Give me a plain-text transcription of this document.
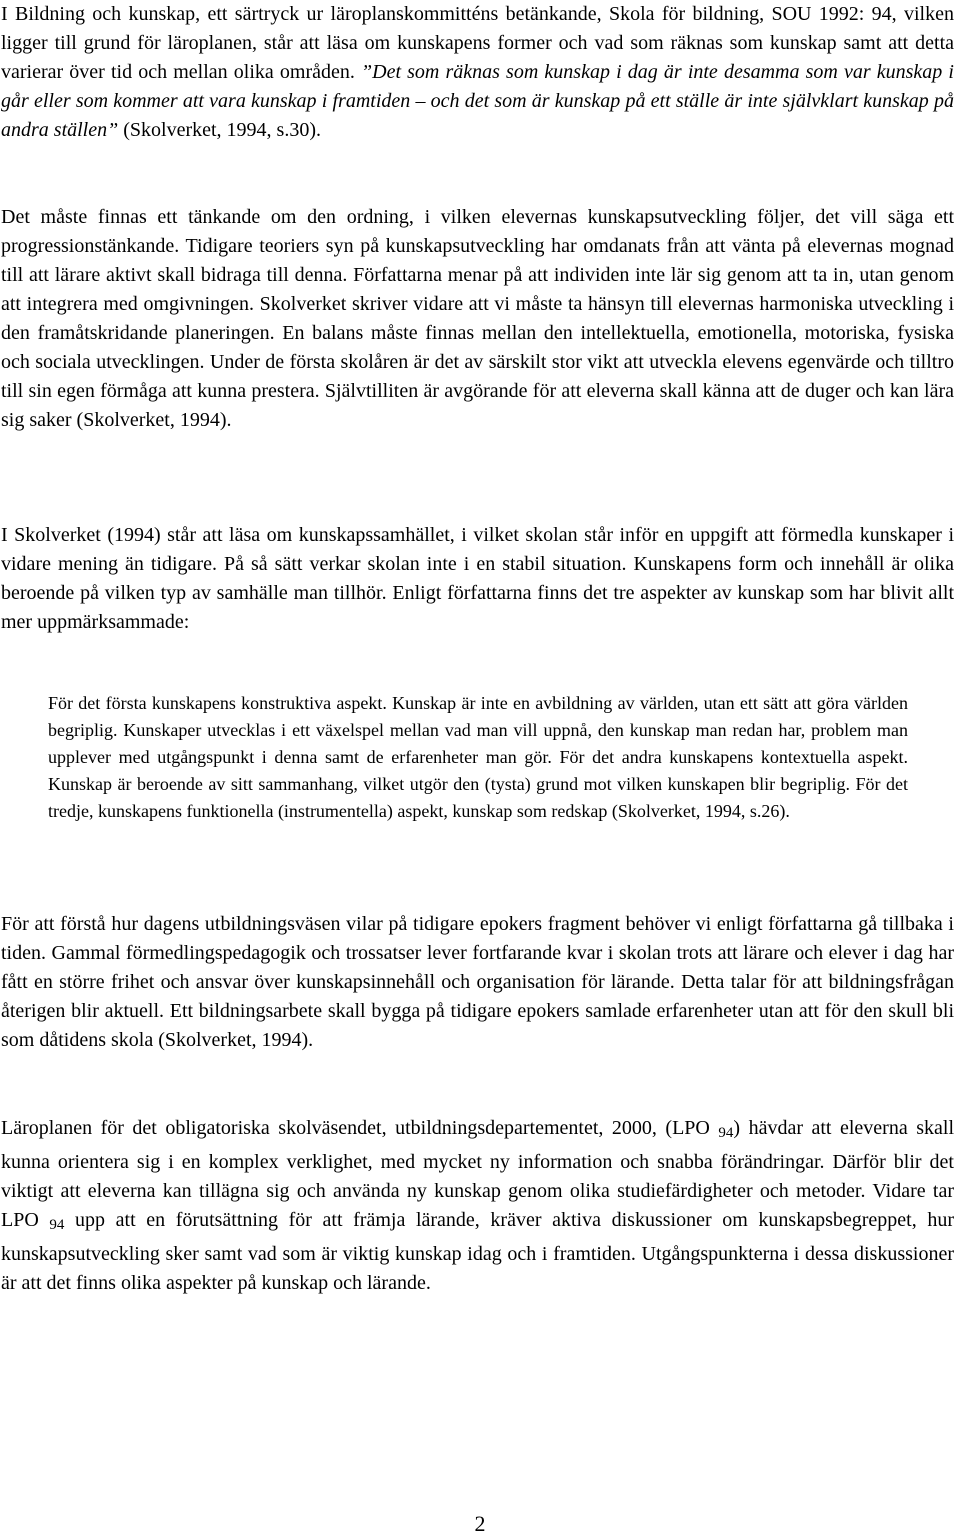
I Bildning och kunskap, ett särtryck ur läroplanskommitténs betänkande, Skola för bildning, SOU 1992: 94, vilken ligger till grund för läroplanen, står att läsa om kunskapens former och vad som räknas som kunskap samt att detta varierar över tid och mellan olika områden. ”Det som räknas som kunskap i dag är inte desamma som var kunskap i går eller som kommer att vara kunskap i framtiden – och det som är kunskap på ett ställe är inte självklart kunskap på andra ställen” (Skolverket, 1994, s.30).

Det måste finnas ett tänkande om den ordning, i vilken elevernas kunskapsutveckling följer, det vill säga ett progressionstänkande. Tidigare teoriers syn på kunskapsutveckling har omdanats från att vänta på elevernas mognad till att lärare aktivt skall bidraga till denna. Författarna menar på att individen inte lär sig genom att ta in, utan genom att integrera med omgivningen. Skolverket skriver vidare att vi måste ta hänsyn till elevernas harmoniska utveckling i den framåtskridande planeringen. En balans måste finnas mellan den intellektuella, emotionella, motoriska, fysiska och sociala utvecklingen. Under de första skolåren är det av särskilt stor vikt att utveckla elevens egenvärde och tilltro till sin egen förmåga att kunna prestera. Självtilliten är avgörande för att eleverna skall känna att de duger och kan lära sig saker (Skolverket, 1994).

I Skolverket (1994) står att läsa om kunskapssamhället, i vilket skolan står inför en uppgift att förmedla kunskaper i vidare mening än tidigare. På så sätt verkar skolan inte i en stabil situation. Kunskapens form och innehåll är olika beroende på vilken typ av samhälle man tillhör. Enligt författarna finns det tre aspekter av kunskap som har blivit allt mer uppmärksammade:

För det första kunskapens konstruktiva aspekt. Kunskap är inte en avbildning av världen, utan ett sätt att göra världen begriplig. Kunskaper utvecklas i ett växelspel mellan vad man vill uppnå, den kunskap man redan har, problem man upplever med utgångspunkt i denna samt de erfarenheter man gör. För det andra kunskapens kontextuella aspekt. Kunskap är beroende av sitt sammanhang, vilket utgör den (tysta) grund mot vilken kunskapen blir begriplig. För det tredje, kunskapens funktionella (instrumentella) aspekt, kunskap som redskap (Skolverket, 1994, s.26).

För att förstå hur dagens utbildningsväsen vilar på tidigare epokers fragment behöver vi enligt författarna gå tillbaka i tiden. Gammal förmedlingspedagogik och trossatser lever fortfarande kvar i skolan trots att lärare och elever i dag har fått en större frihet och ansvar över kunskapsinnehåll och organisation för lärande. Detta talar för att bildningsfrågan återigen blir aktuell. Ett bildningsarbete skall bygga på tidigare epokers samlade erfarenheter utan att för den skull bli som dåtidens skola (Skolverket, 1994).

Läroplanen för det obligatoriska skolväsendet, utbildningsdepartementet, 2000, (LPO $_{94}$) hävdar att eleverna skall kunna orientera sig i en komplex verklighet, med mycket ny information och snabba förändringar. Därför blir det viktigt att eleverna kan tillägna sig och använda ny kunskap genom olika studiefärdigheter och metoder. Vidare tar LPO $_{94}$ upp att en förutsättning för att främja lärande, kräver aktiva diskussioner om kunskapsbegreppet, hur kunskapsutveckling sker samt vad som är viktig kunskap idag och i framtiden. Utgångspunkterna i dessa diskussioner är att det finns olika aspekter på kunskap och lärande.

2
